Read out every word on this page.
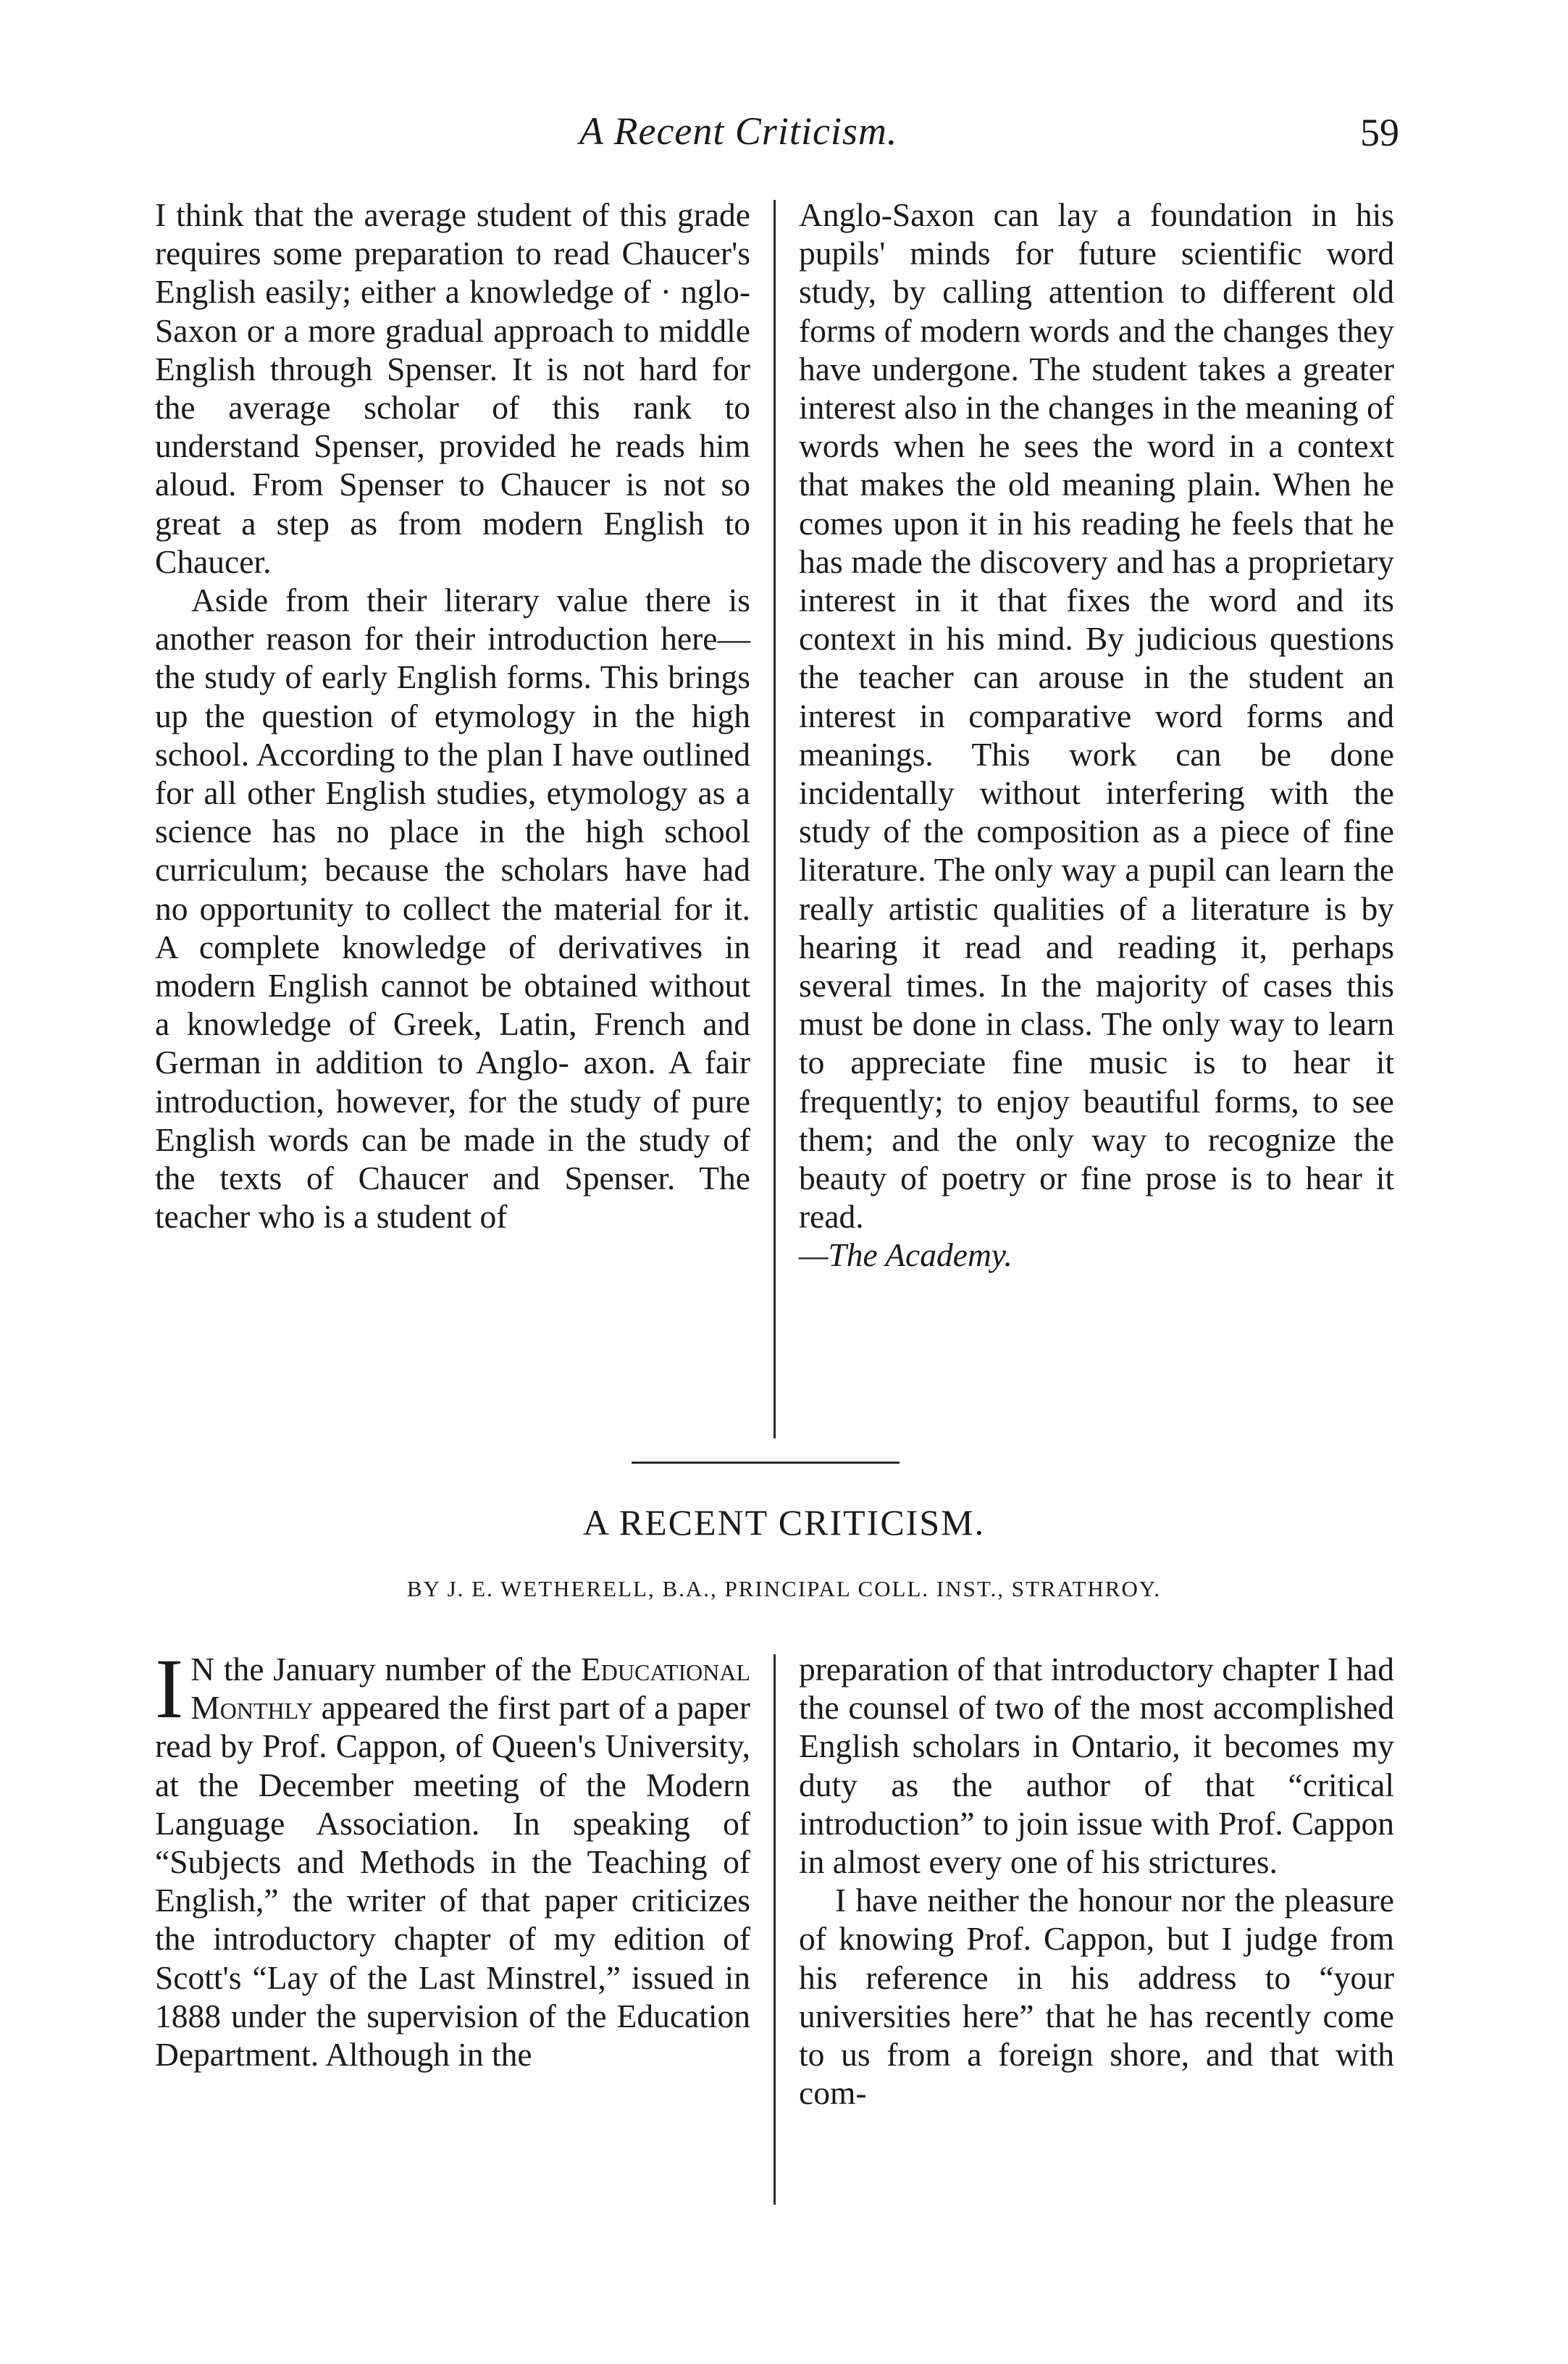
A Recent Criticism.	59

I think that the average student of this grade requires some preparation to read Chaucer's English easily; either a knowledge of · nglo-Saxon or a more gradual approach to middle English through Spenser. It is not hard for the average scholar of this rank to understand Spenser, provided he reads him aloud. From Spenser to Chaucer is not so great a step as from modern English to Chaucer.

Aside from their literary value there is another reason for their introduction here—the study of early English forms. This brings up the question of etymology in the high school. According to the plan I have outlined for all other English studies, etymology as a science has no place in the high school curriculum; because the scholars have had no opportunity to collect the material for it. A complete knowledge of derivatives in modern English cannot be obtained without a knowledge of Greek, Latin, French and German in addition to Anglo- axon. A fair introduction, however, for the study of pure English words can be made in the study of the texts of Chaucer and Spenser. The teacher who is a student of

Anglo-Saxon can lay a foundation in his pupils' minds for future scientific word study, by calling attention to different old forms of modern words and the changes they have undergone. The student takes a greater interest also in the changes in the meaning of words when he sees the word in a context that makes the old meaning plain. When he comes upon it in his reading he feels that he has made the discovery and has a proprietary interest in it that fixes the word and its context in his mind. By judicious questions the teacher can arouse in the student an interest in comparative word forms and meanings. This work can be done incidentally without interfering with the study of the composition as a piece of fine literature. The only way a pupil can learn the really artistic qualities of a literature is by hearing it read and reading it, perhaps several times. In the majority of cases this must be done in class. The only way to learn to appreciate fine music is to hear it frequently; to enjoy beautiful forms, to see them; and the only way to recognize the beauty of poetry or fine prose is to hear it read.
—The Academy.

A RECENT CRITICISM.
BY J. E. WETHERELL, B.A., PRINCIPAL COLL. INST., STRATHROY.

I N the January number of the Educational Monthly appeared the first part of a paper read by Prof. Cappon, of Queen's University, at the December meeting of the Modern Language Association. In speaking of “Subjects and Methods in the Teaching of English,” the writer of that paper criticizes the introductory chapter of my edition of Scott's “Lay of the Last Minstrel,” issued in 1888 under the supervision of the Education Department. Although in the

preparation of that introductory chapter I had the counsel of two of the most accomplished English scholars in Ontario, it becomes my duty as the author of that “critical introduction” to join issue with Prof. Cappon in almost every one of his strictures.

I have neither the honour nor the pleasure of knowing Prof. Cappon, but I judge from his reference in his address to “your universities here” that he has recently come to us from a foreign shore, and that with com-
